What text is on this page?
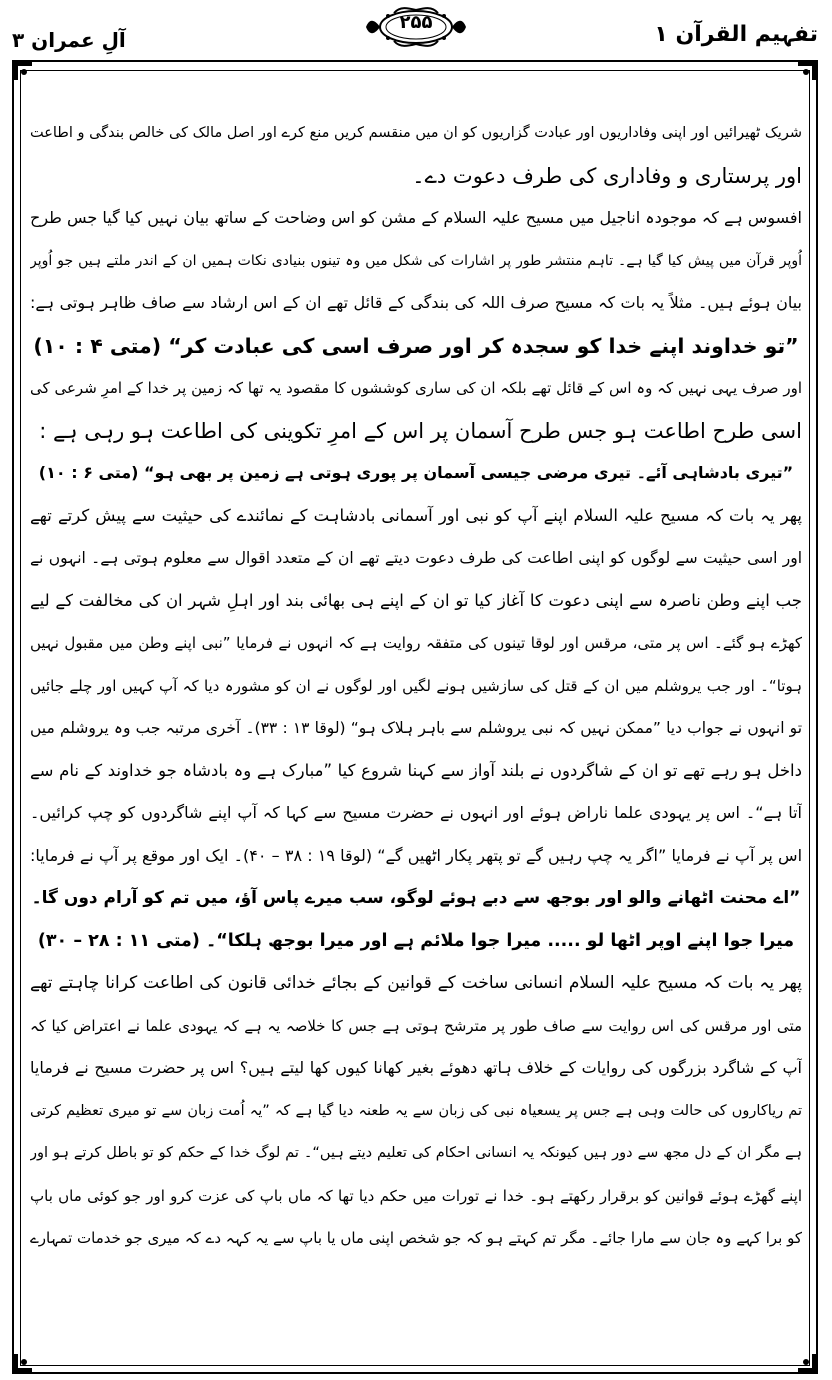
آلِ عمران ۳
۲۵۵	تفہیم القرآن ۱
شریک ٹھیرائیں اور اپنی وفاداریوں اور عبادت گزاریوں کو ان میں منقسم کریں منع کرے اور اصل مالک کی خالص بندگی و اطاعت
اور پرستاری و وفاداری کی طرف دعوت دے۔
افسوس ہے کہ موجودہ اناجیل میں مسیح علیہ السلام کے مشن کو اس وضاحت کے ساتھ بیان نہیں کیا گیا جس طرح
اُوپر قرآن میں پیش کیا گیا ہے۔ تاہم منتشر طور پر اشارات کی شکل میں وہ تینوں بنیادی نکات ہمیں ان کے اندر ملتے ہیں جو اُوپر
بیان ہوئے ہیں۔ مثلاً یہ بات کہ مسیح صرف اللہ کی بندگی کے قائل تھے ان کے اس ارشاد سے صاف ظاہر ہوتی ہے:
”تو خداوند اپنے خدا کو سجدہ کر اور صرف اسی کی عبادت کر“ (متی ۴ : ۱۰)
اور صرف یہی نہیں کہ وہ اس کے قائل تھے بلکہ ان کی ساری کوششوں کا مقصود یہ تھا کہ زمین پر خدا کے امرِ شرعی کی
اسی طرح اطاعت ہو جس طرح آسمان پر اس کے امرِ تکوینی کی اطاعت ہو رہی ہے :
”تیری بادشاہی آئے۔ تیری مرضی جیسی آسمان پر پوری ہوتی ہے زمین پر بھی ہو“ (متی ۶ : ۱۰)
پھر یہ بات کہ مسیح علیہ السلام اپنے آپ کو نبی اور آسمانی بادشاہت کے نمائندے کی حیثیت سے پیش کرتے تھے
اور اسی حیثیت سے لوگوں کو اپنی اطاعت کی طرف دعوت دیتے تھے ان کے متعدد اقوال سے معلوم ہوتی ہے۔ انہوں نے
جب اپنے وطن ناصرہ سے اپنی دعوت کا آغاز کیا تو ان کے اپنے ہی بھائی بند اور اہلِ شہر ان کی مخالفت کے لیے
کھڑے ہو گئے۔ اس پر متی، مرقس اور لوقا تینوں کی متفقہ روایت ہے کہ انہوں نے فرمایا ”نبی اپنے وطن میں مقبول نہیں
ہوتا“۔ اور جب یروشلم میں ان کے قتل کی سازشیں ہونے لگیں اور لوگوں نے ان کو مشورہ دیا کہ آپ کہیں اور چلے جائیں
تو انہوں نے جواب دیا ”ممکن نہیں کہ نبی یروشلم سے باہر ہلاک ہو“ (لوقا ۱۳ : ۳۳)۔ آخری مرتبہ جب وہ یروشلم میں
داخل ہو رہے تھے تو ان کے شاگردوں نے بلند آواز سے کہنا شروع کیا ”مبارک ہے وہ بادشاہ جو خداوند کے نام سے
آتا ہے“۔ اس پر یہودی علما ناراض ہوئے اور انہوں نے حضرت مسیح سے کہا کہ آپ اپنے شاگردوں کو چپ کرائیں۔
اس پر آپ نے فرمایا ”اگر یہ چپ رہیں گے تو پتھر پکار اٹھیں گے“ (لوقا ۱۹ : ۳۸ – ۴۰)۔ ایک اور موقع پر آپ نے فرمایا:
”اے محنت اٹھانے والو اور بوجھ سے دبے ہوئے لوگو، سب میرے پاس آؤ، میں تم کو آرام دوں گا۔
میرا جوا اپنے اوپر اٹھا لو ..... میرا جوا ملائم ہے اور میرا بوجھ ہلکا“۔ (متی ۱۱ : ۲۸ – ۳۰)
پھر یہ بات کہ مسیح علیہ السلام انسانی ساخت کے قوانین کے بجائے خدائی قانون کی اطاعت کرانا چاہتے تھے
متی اور مرقس کی اس روایت سے صاف طور پر مترشح ہوتی ہے جس کا خلاصہ یہ ہے کہ یہودی علما نے اعتراض کیا کہ
آپ کے شاگرد بزرگوں کی روایات کے خلاف ہاتھ دھوئے بغیر کھانا کیوں کھا لیتے ہیں؟ اس پر حضرت مسیح نے فرمایا
تم ریاکاروں کی حالت وہی ہے جس پر یسعیاہ نبی کی زبان سے یہ طعنہ دیا گیا ہے کہ ”یہ اُمت زبان سے تو میری تعظیم کرتی
ہے مگر ان کے دل مجھ سے دور ہیں کیونکہ یہ انسانی احکام کی تعلیم دیتے ہیں“۔ تم لوگ خدا کے حکم کو تو باطل کرتے ہو اور
اپنے گھڑے ہوئے قوانین کو برقرار رکھتے ہو۔ خدا نے تورات میں حکم دیا تھا کہ ماں باپ کی عزت کرو اور جو کوئی ماں باپ
کو برا کہے وہ جان سے مارا جائے۔ مگر تم کہتے ہو کہ جو شخص اپنی ماں یا باپ سے یہ کہہ دے کہ میری جو خدمات تمہارے
